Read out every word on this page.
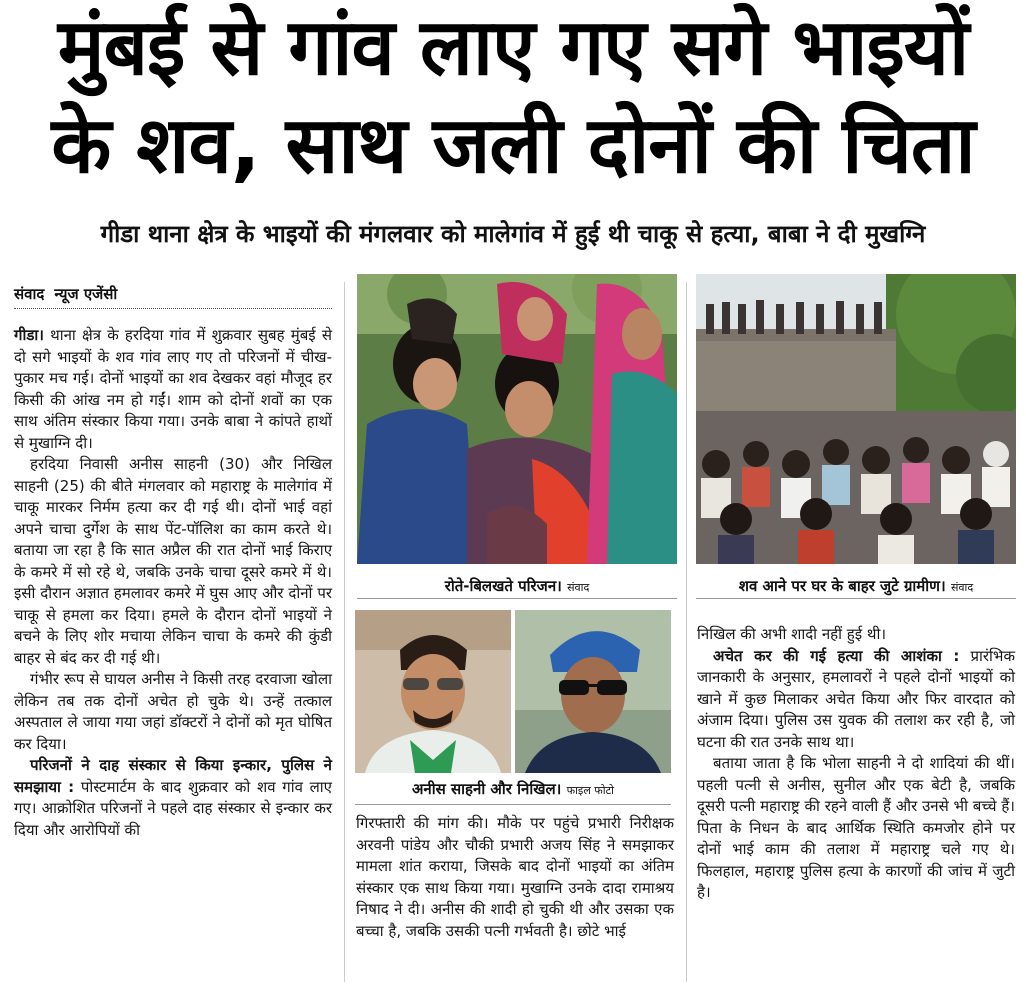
मुंबई से गांव लाए गए सगे भाइयों
के शव, साथ जली दोनों की चिता
गीडा थाना क्षेत्र के भाइयों की मंगलवार को मालेगांव में हुई थी चाकू से हत्या, बाबा ने दी मुखग्नि
संवाद न्यूज एजेंसी

गीडा। थाना क्षेत्र के हरदिया गांव में शुक्रवार सुबह मुंबई से दो सगे भाइयों के शव गांव लाए गए तो परिजनों में चीख-पुकार मच गई। दोनों भाइयों का शव देखकर वहां मौजूद हर किसी की आंख नम हो गईं। शाम को दोनों शवों का एक साथ अंतिम संस्कार किया गया। उनके बाबा ने कांपते हाथों से मुखाग्नि दी।

हरदिया निवासी अनीस साहनी (30) और निखिल साहनी (25) की बीते मंगलवार को महाराष्ट्र के मालेगांव में चाकू मारकर निर्मम हत्या कर दी गई थी। दोनों भाई वहां अपने चाचा दुर्गेश के साथ पेंट-पॉलिश का काम करते थे। बताया जा रहा है कि सात अप्रैल की रात दोनों भाई किराए के कमरे में सो रहे थे, जबकि उनके चाचा दूसरे कमरे में थे। इसी दौरान अज्ञात हमलावर कमरे में घुस आए और दोनों पर चाकू से हमला कर दिया। हमले के दौरान दोनों भाइयों ने बचने के लिए शोर मचाया लेकिन चाचा के कमरे की कुंडी बाहर से बंद कर दी गई थी।

गंभीर रूप से घायल अनीस ने किसी तरह दरवाजा खोला लेकिन तब तक दोनों अचेत हो चुके थे। उन्हें तत्काल अस्पताल ले जाया गया जहां डॉक्टरों ने दोनों को मृत घोषित कर दिया।

परिजनों ने दाह संस्कार से किया इन्कार, पुलिस ने समझाया : पोस्टमार्टम के बाद शुक्रवार को शव गांव लाए गए। आक्रोशित परिजनों ने पहले दाह संस्कार से इन्कार कर दिया और आरोपियों की

रोते-बिलखते परिजन। संवाद	शव आने पर घर के बाहर जुटे ग्रामीण। संवाद
अनीस साहनी और निखिल। फाइल फोटो

गिरफ्तारी की मांग की। मौके पर पहुंचे प्रभारी निरीक्षक अरवनी पांडेय और चौकी प्रभारी अजय सिंह ने समझाकर मामला शांत कराया, जिसके बाद दोनों भाइयों का अंतिम संस्कार एक साथ किया गया। मुखाग्नि उनके दादा रामाश्रय निषाद ने दी। अनीस की शादी हो चुकी थी और उसका एक बच्चा है, जबकि उसकी पत्नी गर्भवती है। छोटे भाई

निखिल की अभी शादी नहीं हुई थी।

अचेत कर की गई हत्या की आशंका : प्रारंभिक जानकारी के अनुसार, हमलावरों ने पहले दोनों भाइयों को खाने में कुछ मिलाकर अचेत किया और फिर वारदात को अंजाम दिया। पुलिस उस युवक की तलाश कर रही है, जो घटना की रात उनके साथ था।

बताया जाता है कि भोला साहनी ने दो शादियां की थीं। पहली पत्नी से अनीस, सुनील और एक बेटी है, जबकि दूसरी पत्नी महाराष्ट्र की रहने वाली हैं और उनसे भी बच्चे हैं। पिता के निधन के बाद आर्थिक स्थिति कमजोर होने पर दोनों भाई काम की तलाश में महाराष्ट्र चले गए थे। फिलहाल, महाराष्ट्र पुलिस हत्या के कारणों की जांच में जुटी है।
